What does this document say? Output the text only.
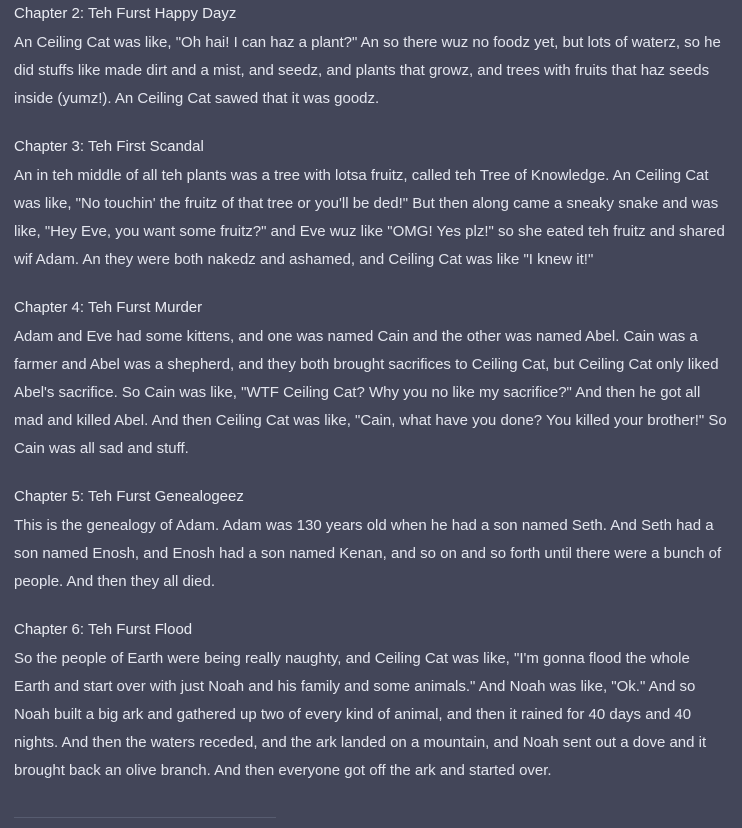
Chapter 2: Teh Furst Happy Dayz
An Ceiling Cat was like, "Oh hai! I can haz a plant?" An so there wuz no foodz yet, but lots of waterz, so he did stuffs like made dirt and a mist, and seedz, and plants that growz, and trees with fruits that haz seeds inside (yumz!). An Ceiling Cat sawed that it was goodz.
Chapter 3: Teh First Scandal
An in teh middle of all teh plants was a tree with lotsa fruitz, called teh Tree of Knowledge. An Ceiling Cat was like, "No touchin' the fruitz of that tree or you'll be ded!" But then along came a sneaky snake and was like, "Hey Eve, you want some fruitz?" and Eve wuz like "OMG! Yes plz!" so she eated teh fruitz and shared wif Adam. An they were both nakedz and ashamed, and Ceiling Cat was like "I knew it!"
Chapter 4: Teh Furst Murder
Adam and Eve had some kittens, and one was named Cain and the other was named Abel. Cain was a farmer and Abel was a shepherd, and they both brought sacrifices to Ceiling Cat, but Ceiling Cat only liked Abel's sacrifice. So Cain was like, "WTF Ceiling Cat? Why you no like my sacrifice?" And then he got all mad and killed Abel. And then Ceiling Cat was like, "Cain, what have you done? You killed your brother!" So Cain was all sad and stuff.
Chapter 5: Teh Furst Genealogeez
This is the genealogy of Adam. Adam was 130 years old when he had a son named Seth. And Seth had a son named Enosh, and Enosh had a son named Kenan, and so on and so forth until there were a bunch of people. And then they all died.
Chapter 6: Teh Furst Flood
So the people of Earth were being really naughty, and Ceiling Cat was like, "I'm gonna flood the whole Earth and start over with just Noah and his family and some animals." And Noah was like, "Ok." And so Noah built a big ark and gathered up two of every kind of animal, and then it rained for 40 days and 40 nights. And then the waters receded, and the ark landed on a mountain, and Noah sent out a dove and it brought back an olive branch. And then everyone got off the ark and started over.
